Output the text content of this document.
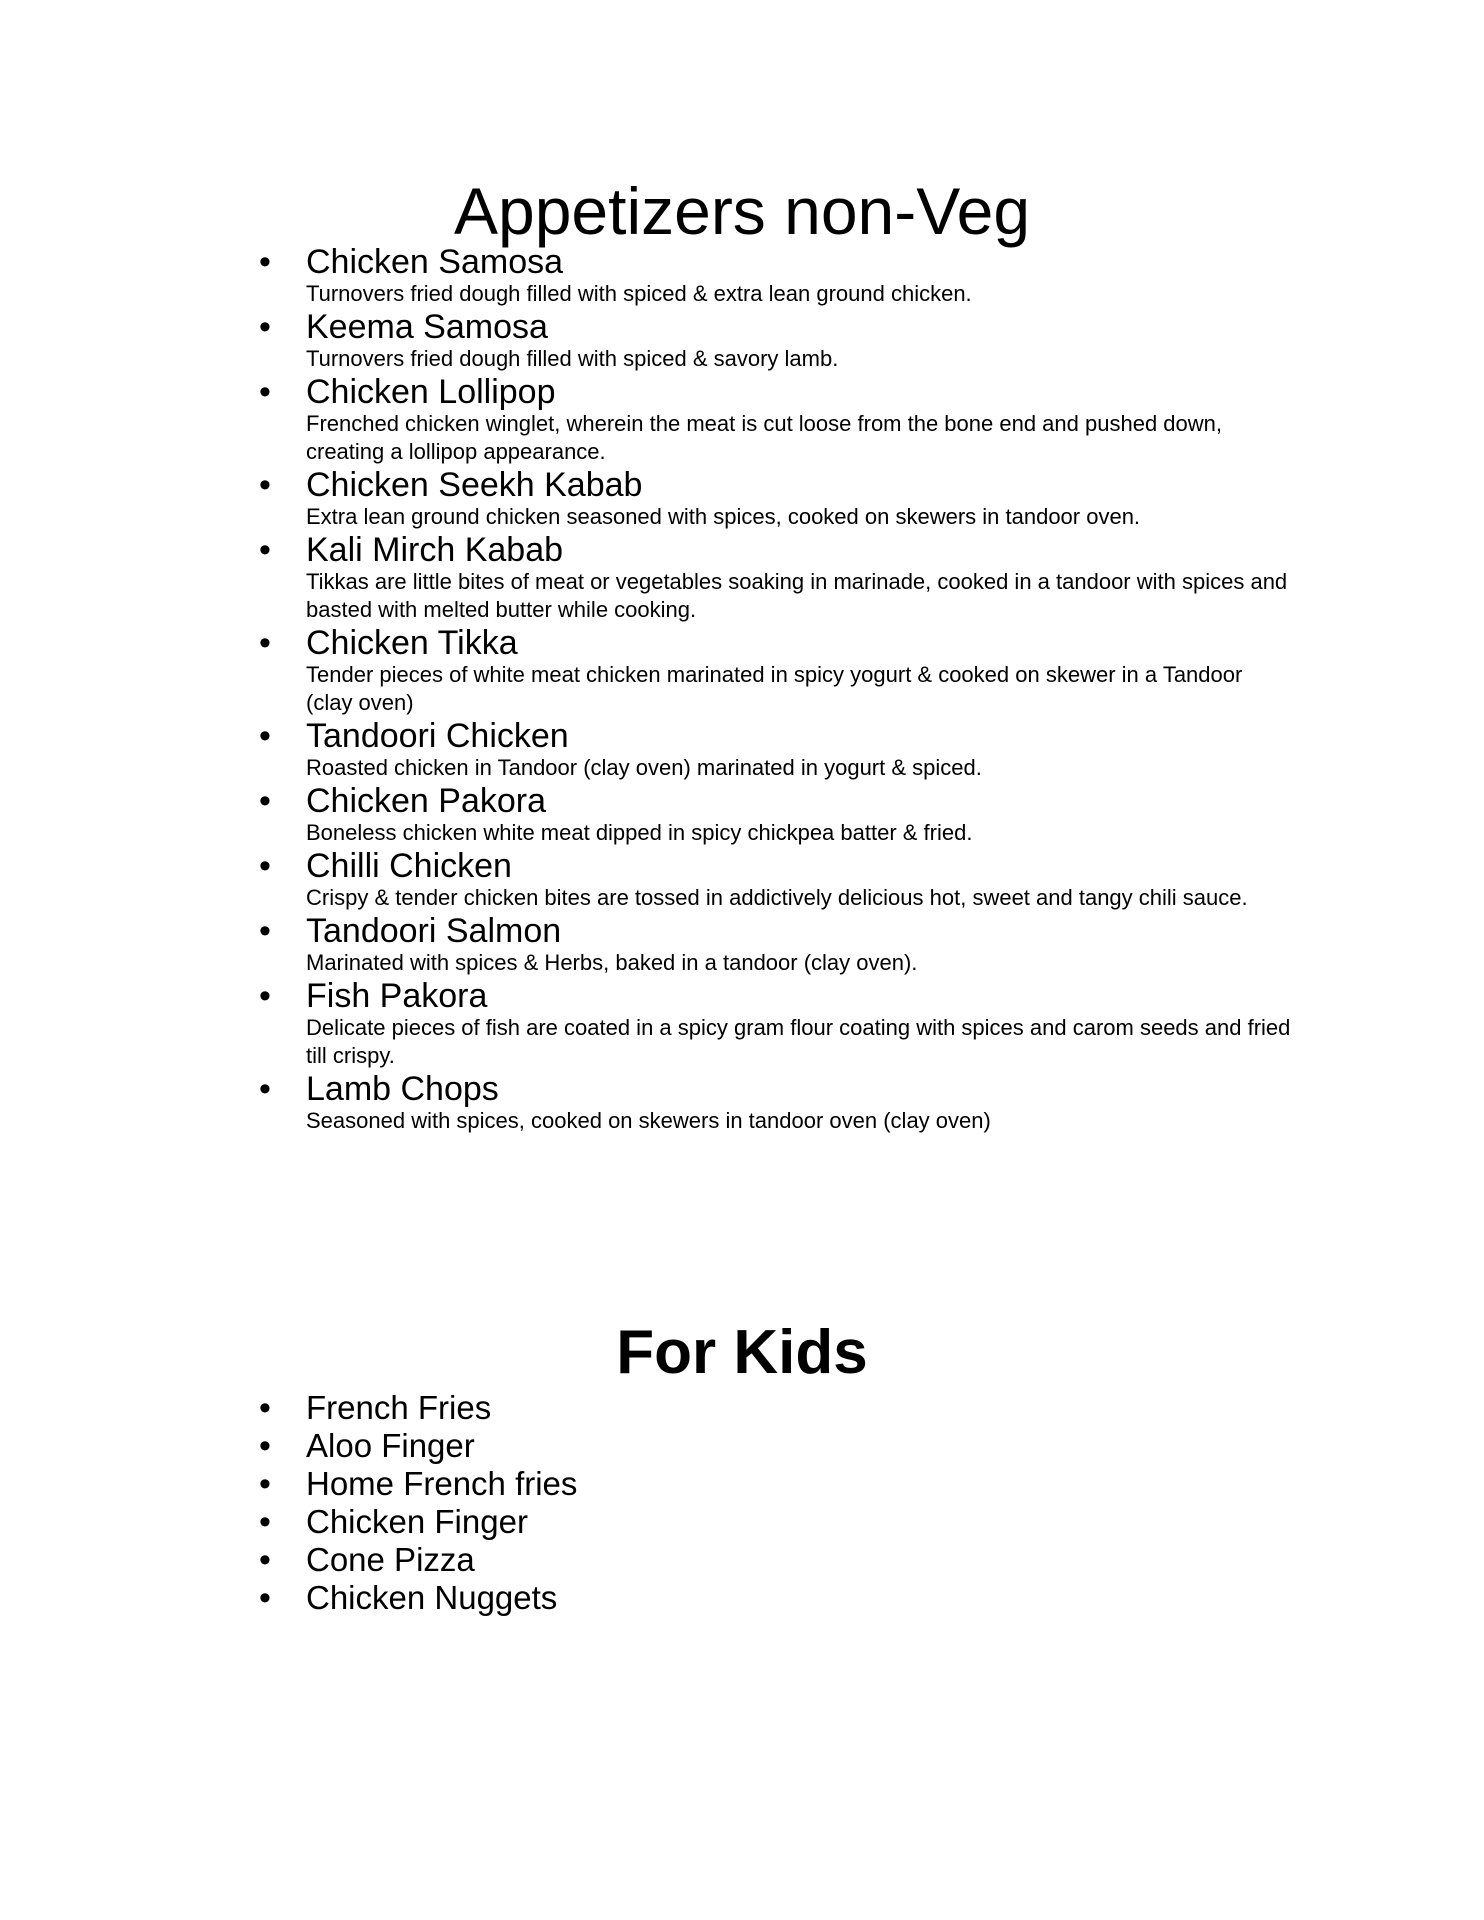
Appetizers non-Veg
• Chicken Samosa
Turnovers fried dough filled with spiced & extra lean ground chicken.
• Keema Samosa
Turnovers fried dough filled with spiced & savory lamb.
• Chicken Lollipop
Frenched chicken winglet, wherein the meat is cut loose from the bone end and pushed down, creating a lollipop appearance.
• Chicken Seekh Kabab
Extra lean ground chicken seasoned with spices, cooked on skewers in tandoor oven.
• Kali Mirch Kabab
Tikkas are little bites of meat or vegetables soaking in marinade, cooked in a tandoor with spices and basted with melted butter while cooking.
• Chicken Tikka
Tender pieces of white meat chicken marinated in spicy yogurt & cooked on skewer in a Tandoor (clay oven)
• Tandoori Chicken
Roasted chicken in Tandoor (clay oven) marinated in yogurt & spiced.
• Chicken Pakora
Boneless chicken white meat dipped in spicy chickpea batter & fried.
• Chilli Chicken
Crispy & tender chicken bites are tossed in addictively delicious hot, sweet and tangy chili sauce.
• Tandoori Salmon
Marinated with spices & Herbs, baked in a tandoor (clay oven).
• Fish Pakora
Delicate pieces of fish are coated in a spicy gram flour coating with spices and carom seeds and fried till crispy.
• Lamb Chops
Seasoned with spices, cooked on skewers in tandoor oven (clay oven)
For Kids
• French Fries
• Aloo Finger
• Home French fries
• Chicken Finger
• Cone Pizza
• Chicken Nuggets
